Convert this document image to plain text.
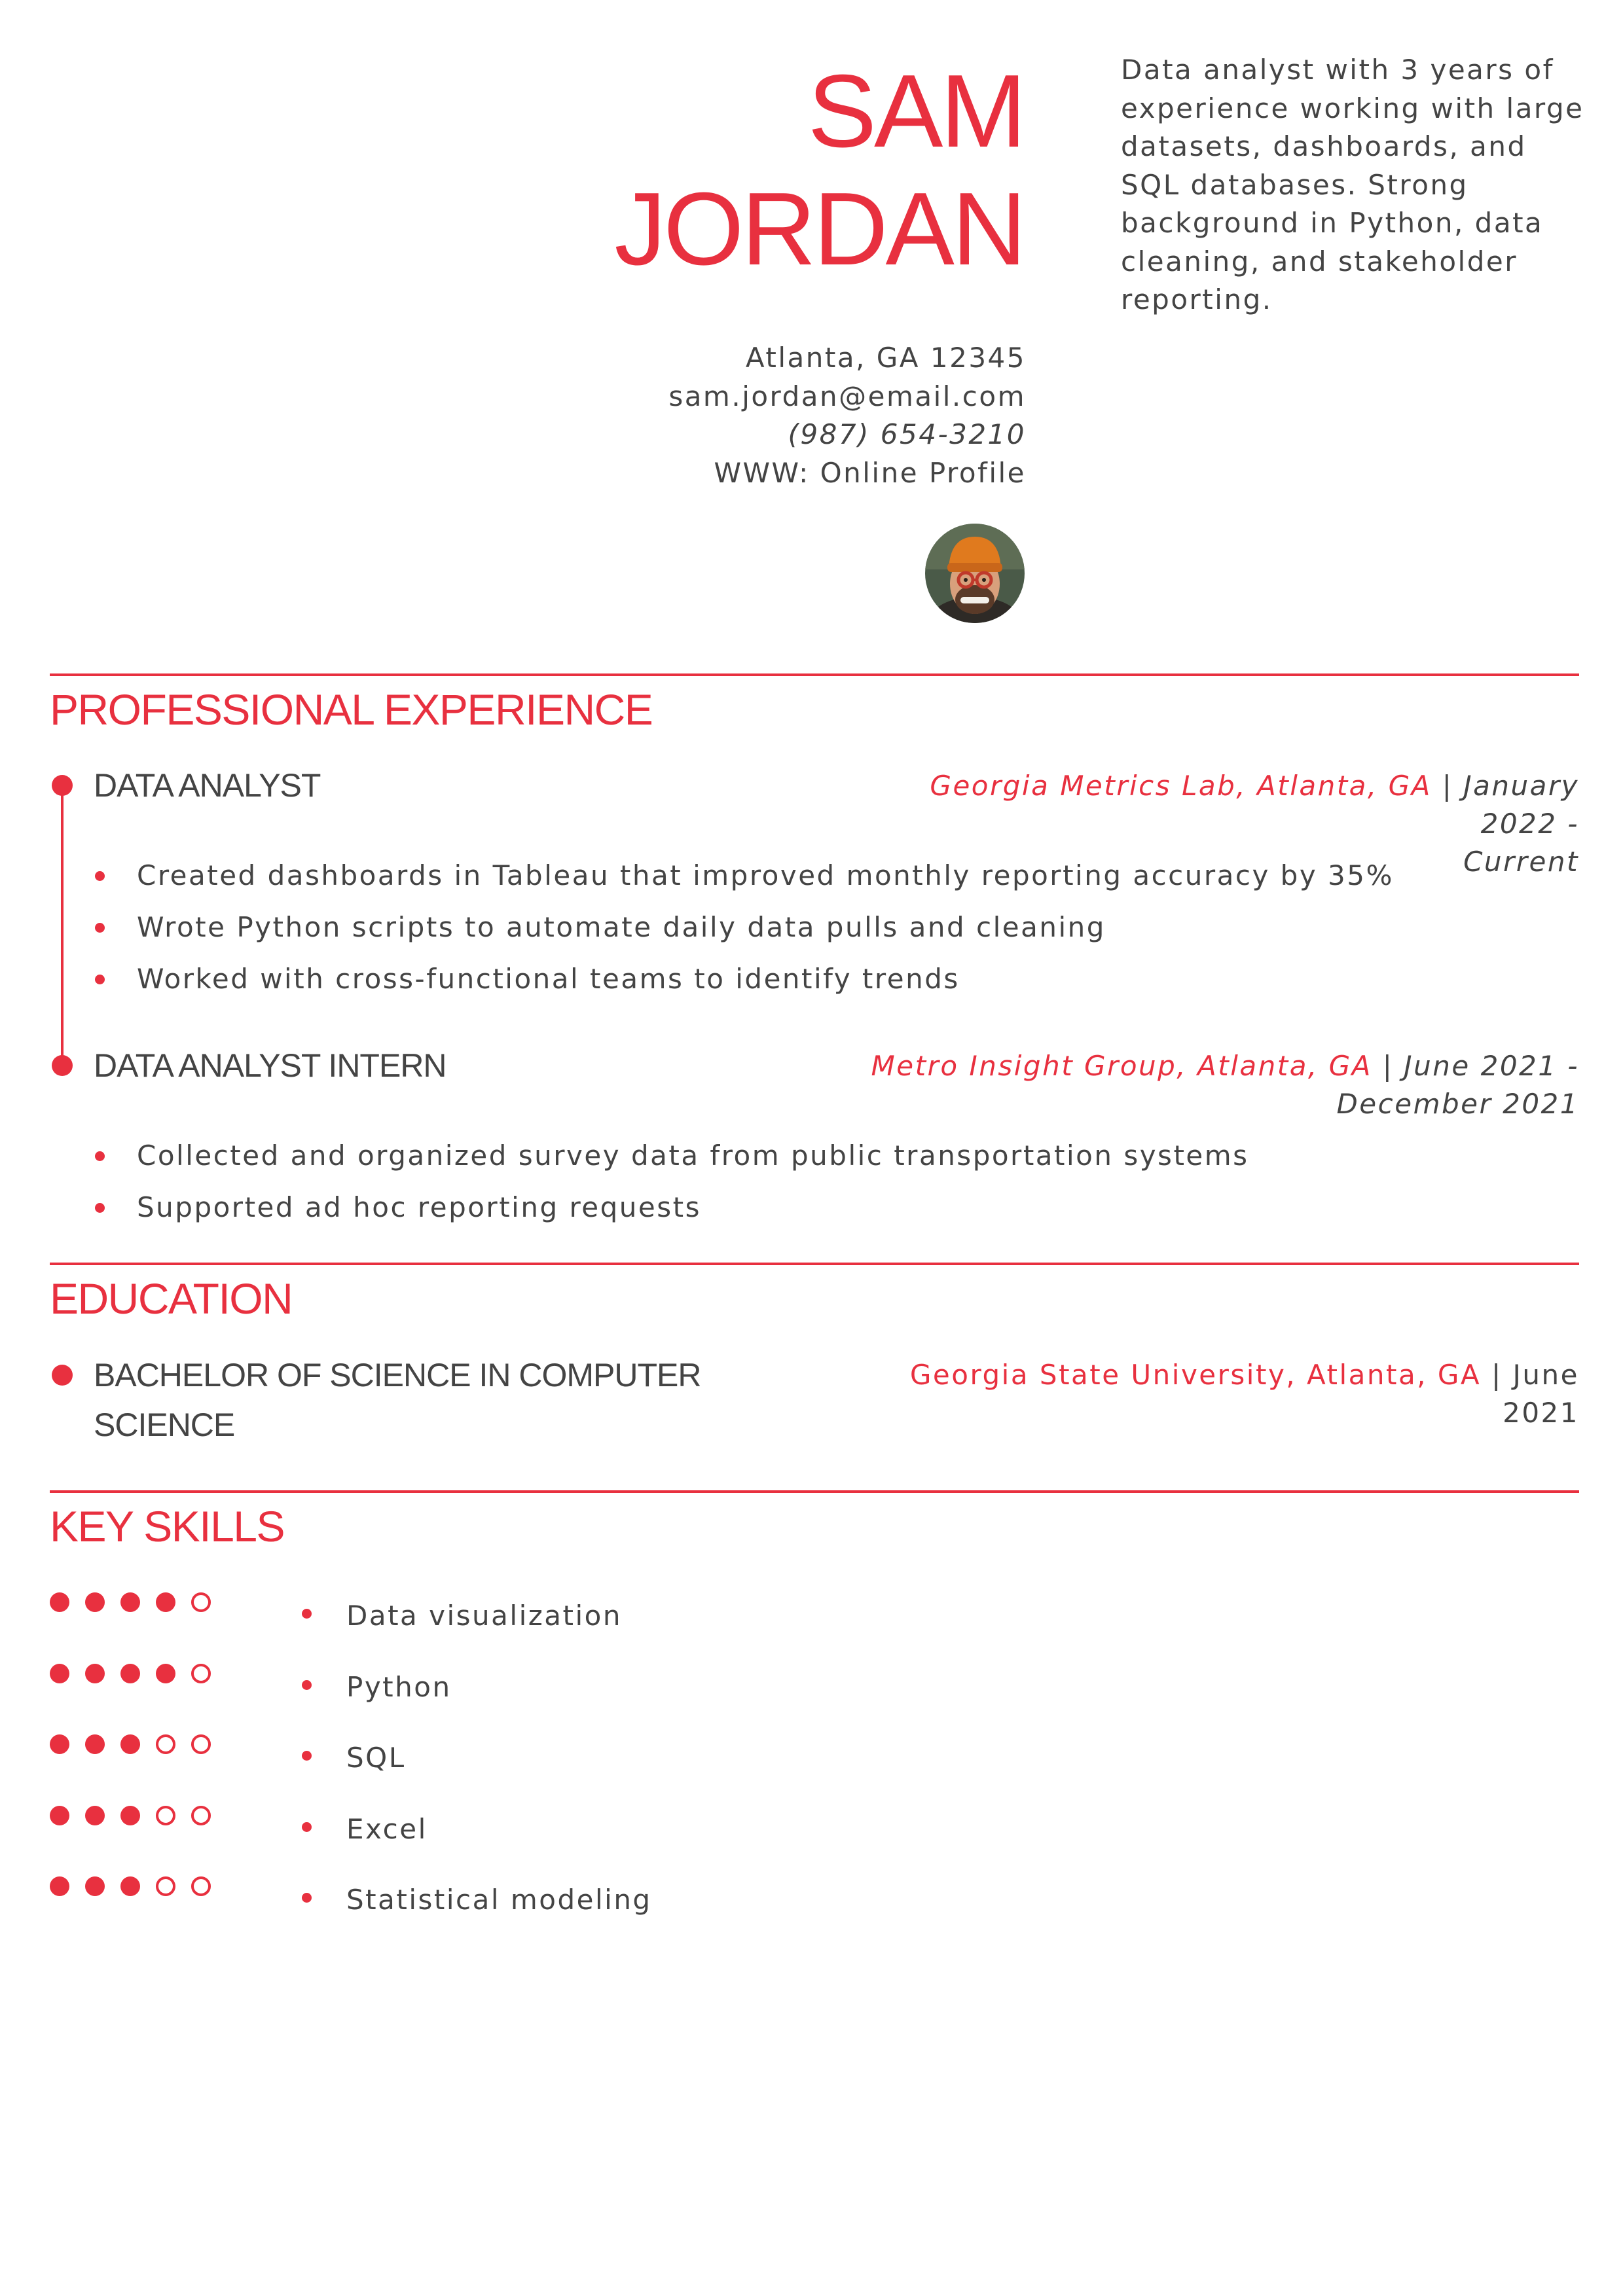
SAM
JORDAN
Data analyst with 3 years of experience working with large datasets, dashboards, and SQL databases. Strong background in Python, data cleaning, and stakeholder reporting.
Atlanta, GA 12345
sam.jordan@email.com
(987) 654-3210
WWW: Online Profile
PROFESSIONAL EXPERIENCE
DATA ANALYST	Georgia Metrics Lab, Atlanta, GA | January 2022 -
Current
Created dashboards in Tableau that improved monthly reporting accuracy by 35%
Wrote Python scripts to automate daily data pulls and cleaning
Worked with cross-functional teams to identify trends
DATA ANALYST INTERN	Metro Insight Group, Atlanta, GA | June 2021 -
December 2021
Collected and organized survey data from public transportation systems
Supported ad hoc reporting requests
EDUCATION
BACHELOR OF SCIENCE IN COMPUTER SCIENCE
Georgia State University, Atlanta, GA | June 2021
KEY SKILLS
Data visualization
Python
SQL
Excel
Statistical modeling
